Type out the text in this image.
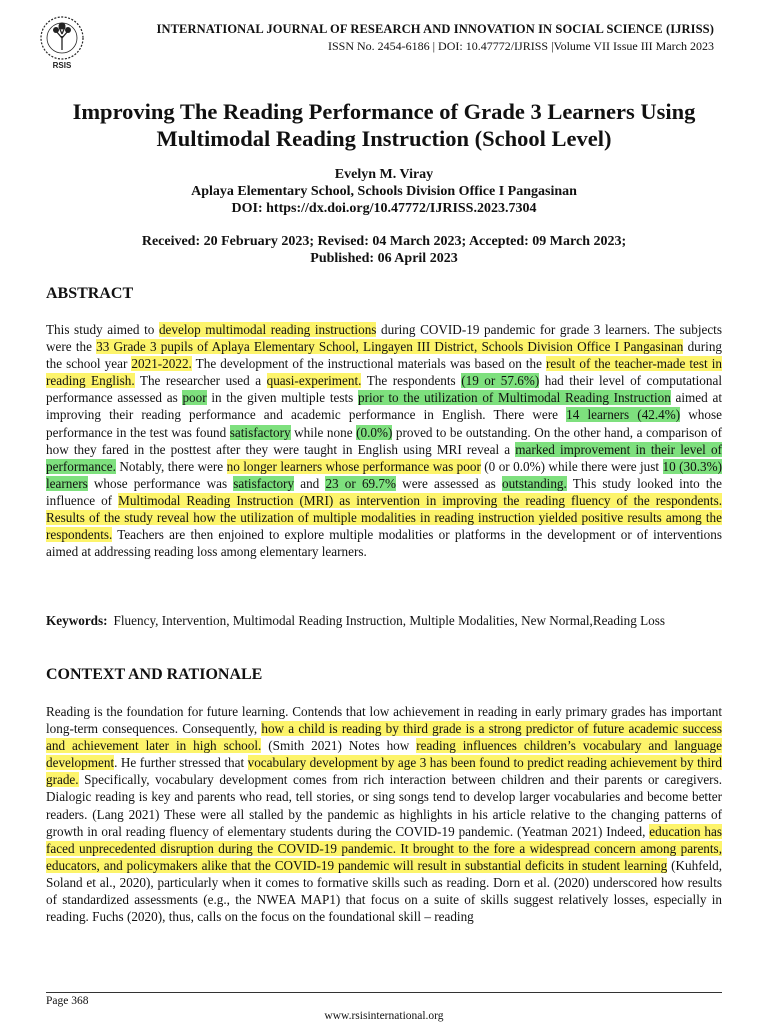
RSIS
INTERNATIONAL JOURNAL OF RESEARCH AND INNOVATION IN SOCIAL SCIENCE (IJRISS)
ISSN No. 2454-6186 | DOI: 10.47772/IJRISS |Volume VII Issue III March 2023
Improving The Reading Performance of Grade 3 Learners Using Multimodal Reading Instruction (School Level)
Evelyn M. Viray
Aplaya Elementary School, Schools Division Office I Pangasinan
DOI: https://dx.doi.org/10.47772/IJRISS.2023.7304
Received: 20 February 2023; Revised: 04 March 2023; Accepted: 09 March 2023;
Published: 06 April 2023
ABSTRACT
This study aimed to develop multimodal reading instructions during COVID-19 pandemic for grade 3 learners. The subjects were the 33 Grade 3 pupils of Aplaya Elementary School, Lingayen III District, Schools Division Office I Pangasinan during the school year 2021-2022. The development of the instructional materials was based on the result of the teacher-made test in reading English. The researcher used a quasi-experiment. The respondents (19 or 57.6%) had their level of computational performance assessed as poor in the given multiple tests prior to the utilization of Multimodal Reading Instruction aimed at improving their reading performance and academic performance in English. There were 14 learners (42.4%) whose performance in the test was found satisfactory while none (0.0%) proved to be outstanding. On the other hand, a comparison of how they fared in the posttest after they were taught in English using MRI reveal a marked improvement in their level of performance. Notably, there were no longer learners whose performance was poor (0 or 0.0%) while there were just 10 (30.3%) learners whose performance was satisfactory and 23 or 69.7% were assessed as outstanding. This study looked into the influence of Multimodal Reading Instruction (MRI) as intervention in improving the reading fluency of the respondents. Results of the study reveal how the utilization of multiple modalities in reading instruction yielded positive results among the respondents. Teachers are then enjoined to explore multiple modalities or platforms in the development or of interventions aimed at addressing reading loss among elementary learners.
Keywords: Fluency, Intervention, Multimodal Reading Instruction, Multiple Modalities, New Normal,Reading Loss
CONTEXT AND RATIONALE
Reading is the foundation for future learning. Contends that low achievement in reading in early primary grades has important long-term consequences. Consequently, how a child is reading by third grade is a strong predictor of future academic success and achievement later in high school. (Smith 2021) Notes how reading influences children’s vocabulary and language development. He further stressed that vocabulary development by age 3 has been found to predict reading achievement by third grade. Specifically, vocabulary development comes from rich interaction between children and their parents or caregivers. Dialogic reading is key and parents who read, tell stories, or sing songs tend to develop larger vocabularies and become better readers. (Lang 2021) These were all stalled by the pandemic as highlights in his article relative to the changing patterns of growth in oral reading fluency of elementary students during the COVID-19 pandemic. (Yeatman 2021) Indeed, education has faced unprecedented disruption during the COVID-19 pandemic. It brought to the fore a widespread concern among parents, educators, and policymakers alike that the COVID-19 pandemic will result in substantial deficits in student learning (Kuhfeld, Soland et al., 2020), particularly when it comes to formative skills such as reading. Dorn et al. (2020) underscored how results of standardized assessments (e.g., the NWEA MAP1) that focus on a suite of skills suggest relatively losses, especially in reading. Fuchs (2020), thus, calls on the focus on the foundational skill – reading
Page 368
www.rsisinternational.org
